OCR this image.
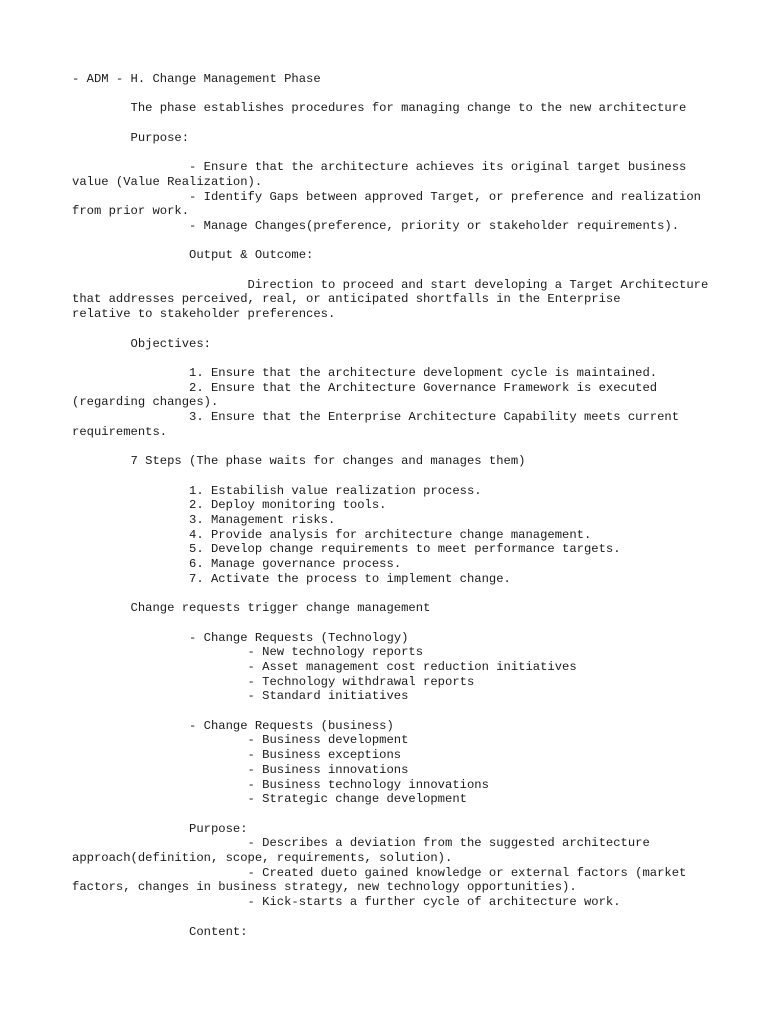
- ADM - H. Change Management Phase
	The phase establishes procedures for managing change to the new architecture
	Purpose:
		- Ensure that the architecture achieves its original target business
value (Value Realization).
		- Identify Gaps between approved Target, or preference and realization
from prior work.
		- Manage Changes(preference, priority or stakeholder requirements).
		Output & Outcome:
			Direction to proceed and start developing a Target Architecture
that addresses perceived, real, or anticipated shortfalls in the Enterprise
relative to stakeholder preferences.
	Objectives:
		1. Ensure that the architecture development cycle is maintained.
		2. Ensure that the Architecture Governance Framework is executed
(regarding changes).
		3. Ensure that the Enterprise Architecture Capability meets current
requirements.
	7 Steps (The phase waits for changes and manages them)
		1. Estabilish value realization process.
		2. Deploy monitoring tools.
		3. Management risks.
		4. Provide analysis for architecture change management.
		5. Develop change requirements to meet performance targets.
		6. Manage governance process.
		7. Activate the process to implement change.
	Change requests trigger change management
		- Change Requests (Technology)
			- New technology reports
			- Asset management cost reduction initiatives
			- Technology withdrawal reports
			- Standard initiatives
		- Change Requests (business)
			- Business development
			- Business exceptions
			- Business innovations
			- Business technology innovations
			- Strategic change development
		Purpose:
			- Describes a deviation from the suggested architecture
approach(definition, scope, requirements, solution).
			- Created dueto gained knowledge or external factors (market
factors, changes in business strategy, new technology opportunities).
			- Kick-starts a further cycle of architecture work.
		Content:
